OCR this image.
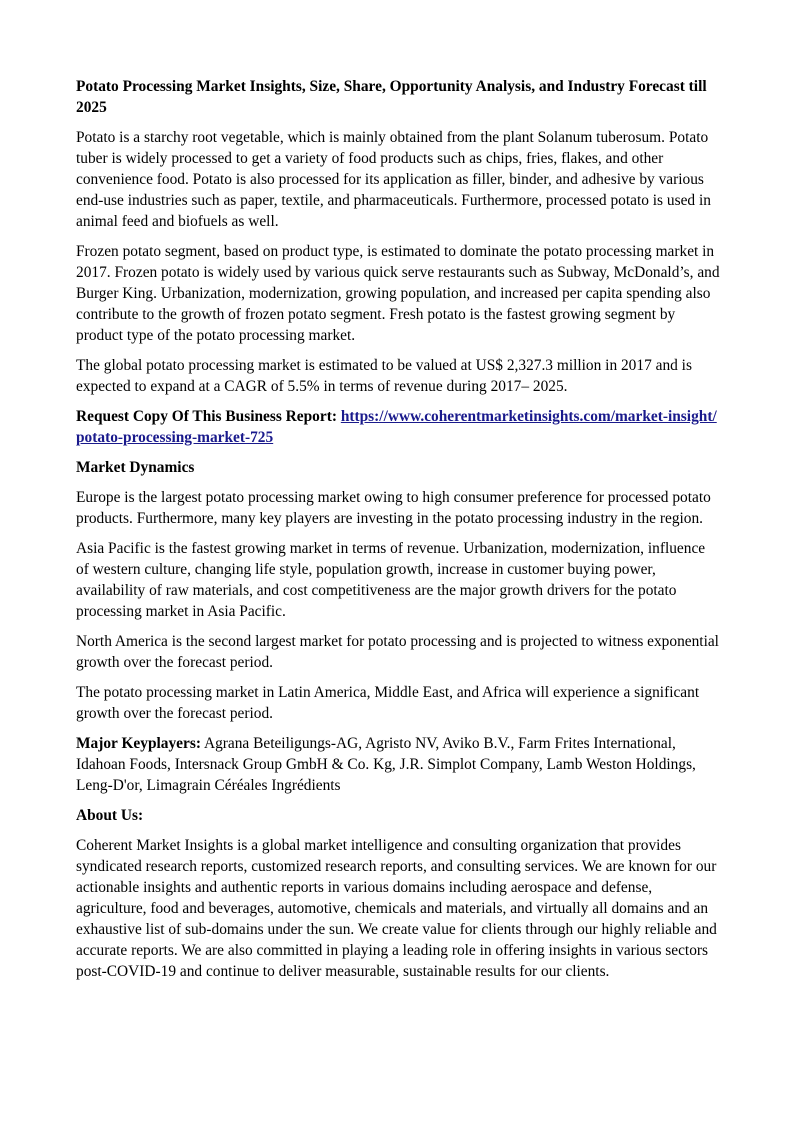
Potato Processing Market Insights, Size, Share, Opportunity Analysis, and Industry Forecast till 2025

Potato is a starchy root vegetable, which is mainly obtained from the plant Solanum tuberosum. Potato tuber is widely processed to get a variety of food products such as chips, fries, flakes, and other convenience food. Potato is also processed for its application as filler, binder, and adhesive by various end-use industries such as paper, textile, and pharmaceuticals. Furthermore, processed potato is used in animal feed and biofuels as well.

Frozen potato segment, based on product type, is estimated to dominate the potato processing market in 2017. Frozen potato is widely used by various quick serve restaurants such as Subway, McDonald’s, and Burger King. Urbanization, modernization, growing population, and increased per capita spending also contribute to the growth of frozen potato segment. Fresh potato is the fastest growing segment by product type of the potato processing market.

The global potato processing market is estimated to be valued at US$ 2,327.3 million in 2017 and is expected to expand at a CAGR of 5.5% in terms of revenue during 2017– 2025.

Request Copy Of This Business Report: https://www.coherentmarketinsights.com/market-insight/potato-processing-market-725

Market Dynamics

Europe is the largest potato processing market owing to high consumer preference for processed potato products. Furthermore, many key players are investing in the potato processing industry in the region.

Asia Pacific is the fastest growing market in terms of revenue. Urbanization, modernization, influence of western culture, changing life style, population growth, increase in customer buying power, availability of raw materials, and cost competitiveness are the major growth drivers for the potato processing market in Asia Pacific.

North America is the second largest market for potato processing and is projected to witness exponential growth over the forecast period.

The potato processing market in Latin America, Middle East, and Africa will experience a significant growth over the forecast period.

Major Keyplayers: Agrana Beteiligungs-AG, Agristo NV, Aviko B.V., Farm Frites International, Idahoan Foods, Intersnack Group GmbH & Co. Kg, J.R. Simplot Company, Lamb Weston Holdings, Leng-D'or, Limagrain Céréales Ingrédients

About Us:

Coherent Market Insights is a global market intelligence and consulting organization that provides syndicated research reports, customized research reports, and consulting services. We are known for our actionable insights and authentic reports in various domains including aerospace and defense, agriculture, food and beverages, automotive, chemicals and materials, and virtually all domains and an exhaustive list of sub-domains under the sun. We create value for clients through our highly reliable and accurate reports. We are also committed in playing a leading role in offering insights in various sectors post-COVID-19 and continue to deliver measurable, sustainable results for our clients.
